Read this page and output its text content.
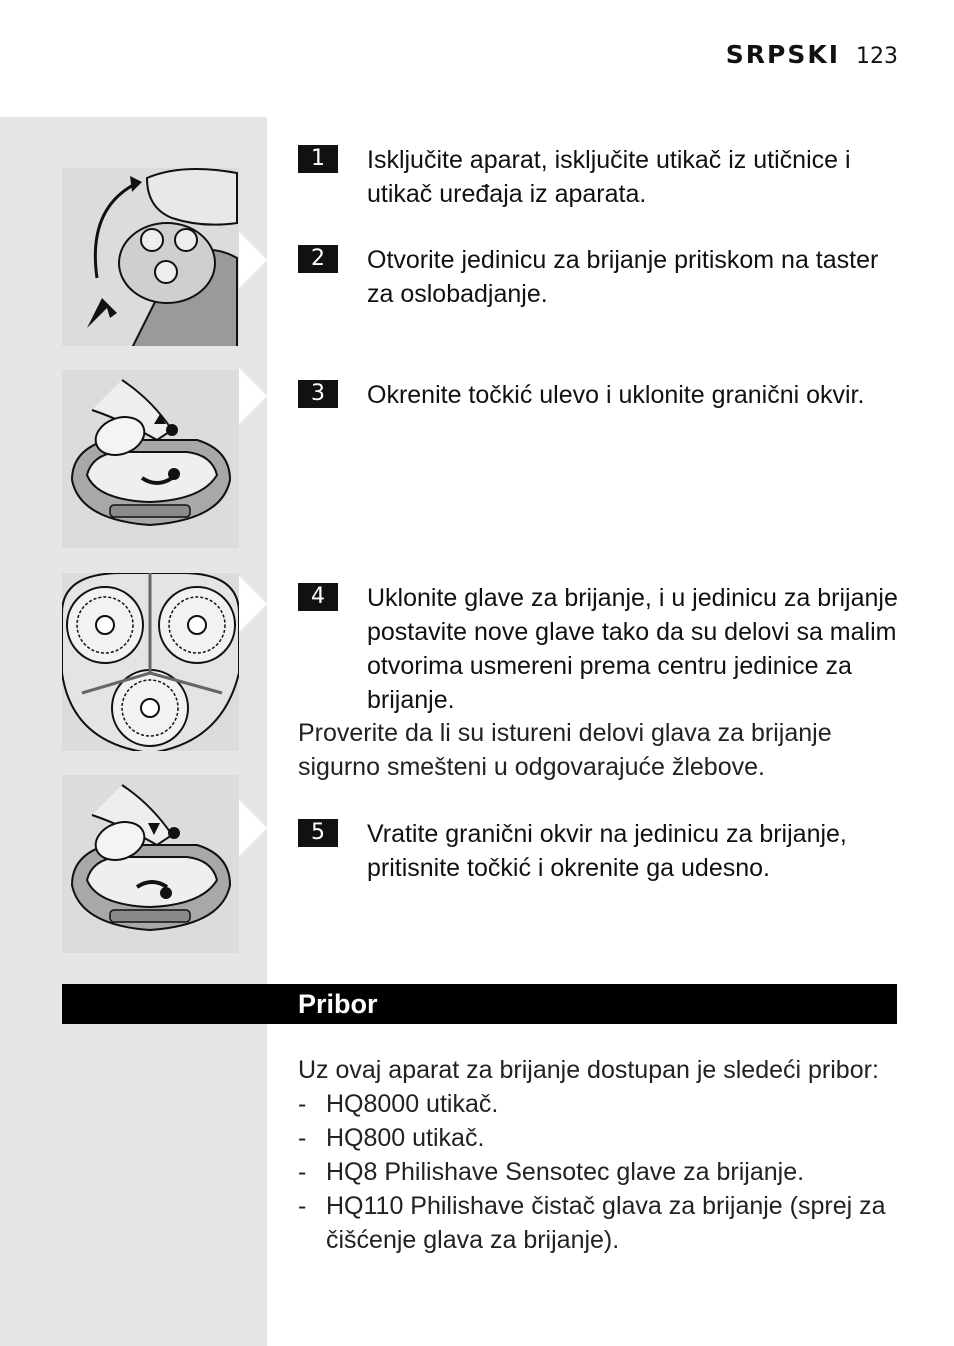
SRPSKI 123
1	Isključite aparat, isključite utikač iz utičnice i utikač uređaja iz aparata.
2	Otvorite jedinicu za brijanje pritiskom na taster za oslobadjanje.
3	Okrenite točkić ulevo i uklonite granični okvir.
4	Uklonite glave za brijanje, i u jedinicu za brijanje postavite nove glave tako da su delovi sa malim otvorima usmereni prema centru jedinice za brijanje.
Proverite da li su istureni delovi glava za brijanje sigurno smešteni u odgovarajuće žlebove.
5	Vratite granični okvir na jedinicu za brijanje, pritisnite točkić i okrenite ga udesno.
Pribor
Uz ovaj aparat za brijanje dostupan je sledeći pribor:
- HQ8000 utikač.
- HQ800 utikač.
- HQ8 Philishave Sensotec glave za brijanje.
- HQ110 Philishave čistač glava za brijanje (sprej za čišćenje glava za brijanje).
